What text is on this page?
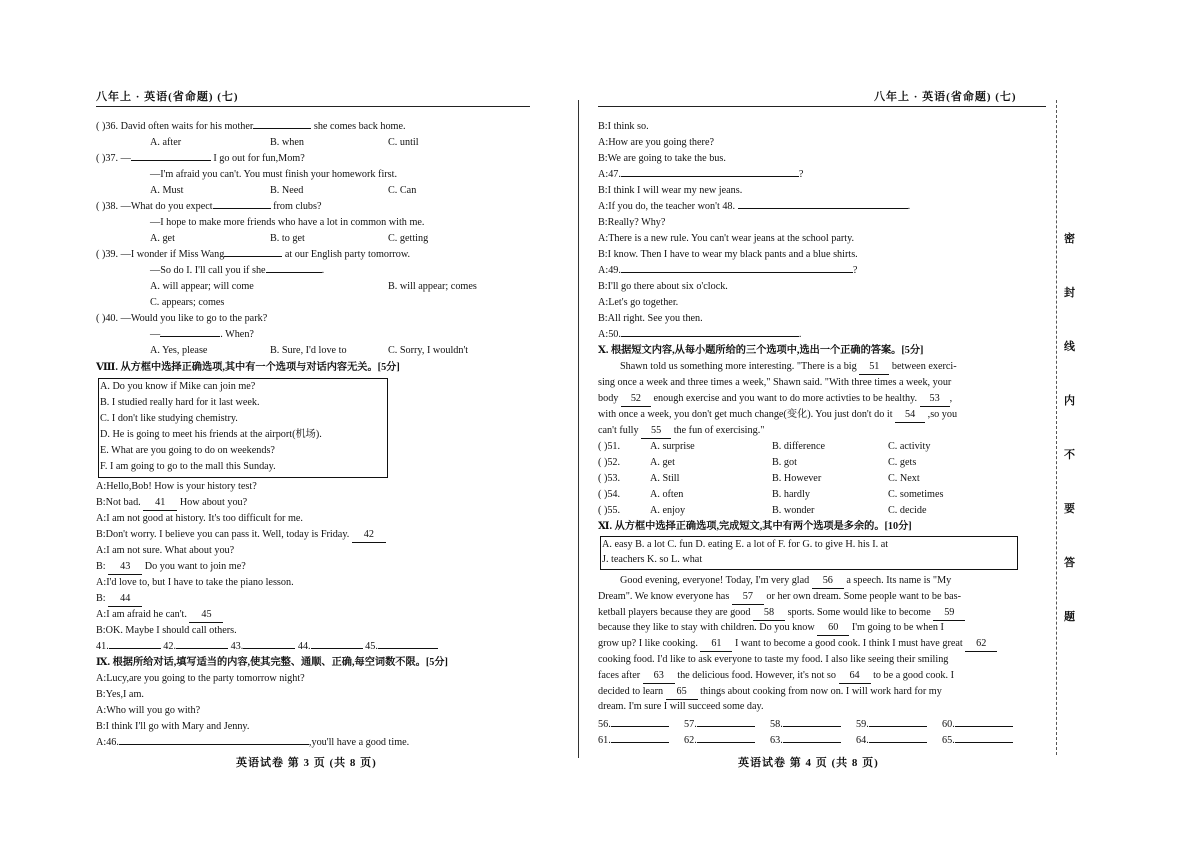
八年上 · 英语(省命题) (七)	八年上 · 英语(省命题) (七)
密
封
线
内
不
要
答
题
( )36. David often waits for his mother	she comes back home.
A. after	B. when	C. until
( )37. —	I go out for fun,Mom?
—I'm afraid you can't. You must finish your homework first.
A. Must	B. Need	C. Can
( )38. —What do you expect	from clubs?
—I hope to make more friends who have a lot in common with me.
A. get	B. to get	C. getting
( )39. —I wonder if Miss Wang	at our English party tomorrow.
—So do I. I'll call you if she	.
A. will appear; will come	B. will appear; comes
C. appears; comes
( )40. —Would you like to go to the park?
—	. When?
A. Yes, please	B. Sure, I'd love to	C. Sorry, I wouldn't
Ⅷ. 从方框中选择正确选项,其中有一个选项与对话内容无关。[5分]
A. Do you know if Mike can join me?
B. I studied really hard for it last week.
C. I don't like studying chemistry.
D. He is going to meet his friends at the airport(机场).
E. What are you going to do on weekends?
F. I am going to go to the mall this Sunday.
A:Hello,Bob! How is your history test?
B:Not bad. 41 How about you?
A:I am not good at history. It's too difficult for me.
B:Don't worry. I believe you can pass it. Well, today is Friday. 42
A:I am not sure. What about you?
B: 43 Do you want to join me?
A:I'd love to, but I have to take the piano lesson.
B: 44
A:I am afraid he can't. 45
B:OK. Maybe I should call others.
41.	42.	43.	44.	45.
Ⅸ. 根据所给对话,填写适当的内容,使其完整、通顺、正确,每空词数不限。[5分]
A:Lucy,are you going to the party tomorrow night?
B:Yes,I am.
A:Who will you go with?
B:I think I'll go with Mary and Jenny.
A:46.	,you'll have a good time.
B:I think so.
A:How are you going there?
B:We are going to take the bus.
A:47.	?
B:I think I will wear my new jeans.
A:If you do, the teacher won't 48.	.
B:Really? Why?
A:There is a new rule. You can't wear jeans at the school party.
B:I know. Then I have to wear my black pants and a blue shirts.
A:49.	?
B:I'll go there about six o'clock.
A:Let's go together.
B:All right. See you then.
A:50.	.
Ⅹ. 根据短文内容,从每小题所给的三个选项中,选出一个正确的答案。[5分]
Shawn told us something more interesting. "There is a big 51 between exerci-
sing once a week and three times a week," Shawn said. "With three times a week, your
body 52 enough exercise and you want to do more activties to be healthy. 53 ,
with once a week, you don't get much change(变化). You just don't do it 54 ,so you
can't fully 55 the fun of exercising."
( )51.	A. surprise	B. difference	C. activity
( )52.	A. get	B. got	C. gets
( )53.	A. Still	B. However	C. Next
( )54.	A. often	B. hardly	C. sometimes
( )55.	A. enjoy	B. wonder	C. decide
Ⅺ. 从方框中选择正确选项,完成短文,其中有两个选项是多余的。[10分]
A. easy B. a lot C. fun D. eating E. a lot of F. for G. to give H. his I. at
J. teachers K. so L. what
Good evening, everyone! Today, I'm very glad 56 a speech. Its name is "My
Dream". We know everyone has 57 or her own dream. Some people want to be bas-
ketball players because they are good 58 sports. Some would like to become 59
because they like to stay with children. Do you know 60 I'm going to be when I
grow up? I like cooking. 61 I want to become a good cook. I think I must have great 62
cooking food. I'd like to ask everyone to taste my food. I also like seeing their smiling
faces after 63 the delicious food. However, it's not so 64 to be a good cook. I
decided to learn 65 things about cooking from now on. I will work hard for my
dream. I'm sure I will succeed some day.
56.	57.	58.	59.	60.
61.	62.	63.	64.	65.
英语试卷 第 3 页 (共 8 页)	英语试卷 第 4 页 (共 8 页)
